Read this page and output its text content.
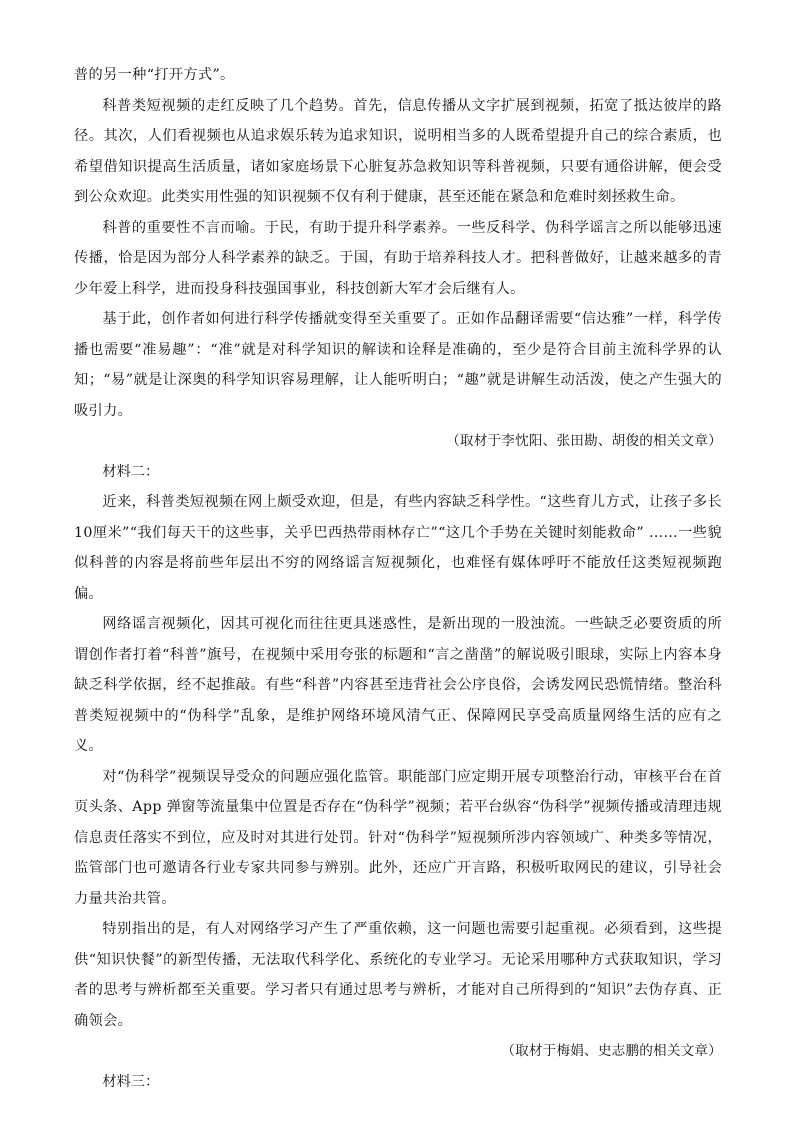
普的另一种“打开方式”。

科普类短视频的走红反映了几个趋势。首先，信息传播从文字扩展到视频，拓宽了抵达彼岸的路径。其次，人们看视频也从追求娱乐转为追求知识，说明相当多的人既希望提升自己的综合素质，也希望借知识提高生活质量，诸如家庭场景下心脏复苏急救知识等科普视频，只要有通俗讲解，便会受到公众欢迎。此类实用性强的知识视频不仅有利于健康，甚至还能在紧急和危难时刻拯救生命。

科普的重要性不言而喻。于民，有助于提升科学素养。一些反科学、伪科学谣言之所以能够迅速传播，恰是因为部分人科学素养的缺乏。于国，有助于培养科技人才。把科普做好，让越来越多的青少年爱上科学，进而投身科技强国事业，科技创新大军才会后继有人。

基于此，创作者如何进行科学传播就变得至关重要了。正如作品翻译需要“信达雅”一样，科学传播也需要“准易趣”：“准”就是对科学知识的解读和诠释是准确的，至少是符合目前主流科学界的认知；“易”就是让深奥的科学知识容易理解，让人能听明白；“趣”就是讲解生动活泼，使之产生强大的吸引力。

（取材于李忱阳、张田勘、胡俊的相关文章）

材料二：

近来，科普类短视频在网上颇受欢迎，但是，有些内容缺乏科学性。“这些育儿方式，让孩子多长10厘米”“我们每天干的这些事，关乎巴西热带雨林存亡”“这几个手势在关键时刻能救命” ……一些貌似科普的内容是将前些年层出不穷的网络谣言短视频化，也难怪有媒体呼吁不能放任这类短视频跑偏。

网络谣言视频化，因其可视化而往往更具迷惑性，是新出现的一股浊流。一些缺乏必要资质的所谓创作者打着“科普”旗号，在视频中采用夸张的标题和“言之凿凿”的解说吸引眼球，实际上内容本身缺乏科学依据，经不起推敲。有些“科普”内容甚至违背社会公序良俗，会诱发网民恐慌情绪。整治科普类短视频中的“伪科学”乱象，是维护网络环境风清气正、保障网民享受高质量网络生活的应有之义。

对“伪科学”视频误导受众的问题应强化监管。职能部门应定期开展专项整治行动，审核平台在首页头条、App 弹窗等流量集中位置是否存在“伪科学”视频；若平台纵容“伪科学”视频传播或清理违规信息责任落实不到位，应及时对其进行处罚。针对“伪科学”短视频所涉内容领域广、种类多等情况，监管部门也可邀请各行业专家共同参与辨别。此外，还应广开言路，积极听取网民的建议，引导社会力量共治共管。

特别指出的是，有人对网络学习产生了严重依赖，这一问题也需要引起重视。必须看到，这些提供“知识快餐”的新型传播，无法取代科学化、系统化的专业学习。无论采用哪种方式获取知识，学习者的思考与辨析都至关重要。学习者只有通过思考与辨析，才能对自己所得到的“知识”去伪存真、正确领会。

（取材于梅娟、史志鹏的相关文章）

材料三：
